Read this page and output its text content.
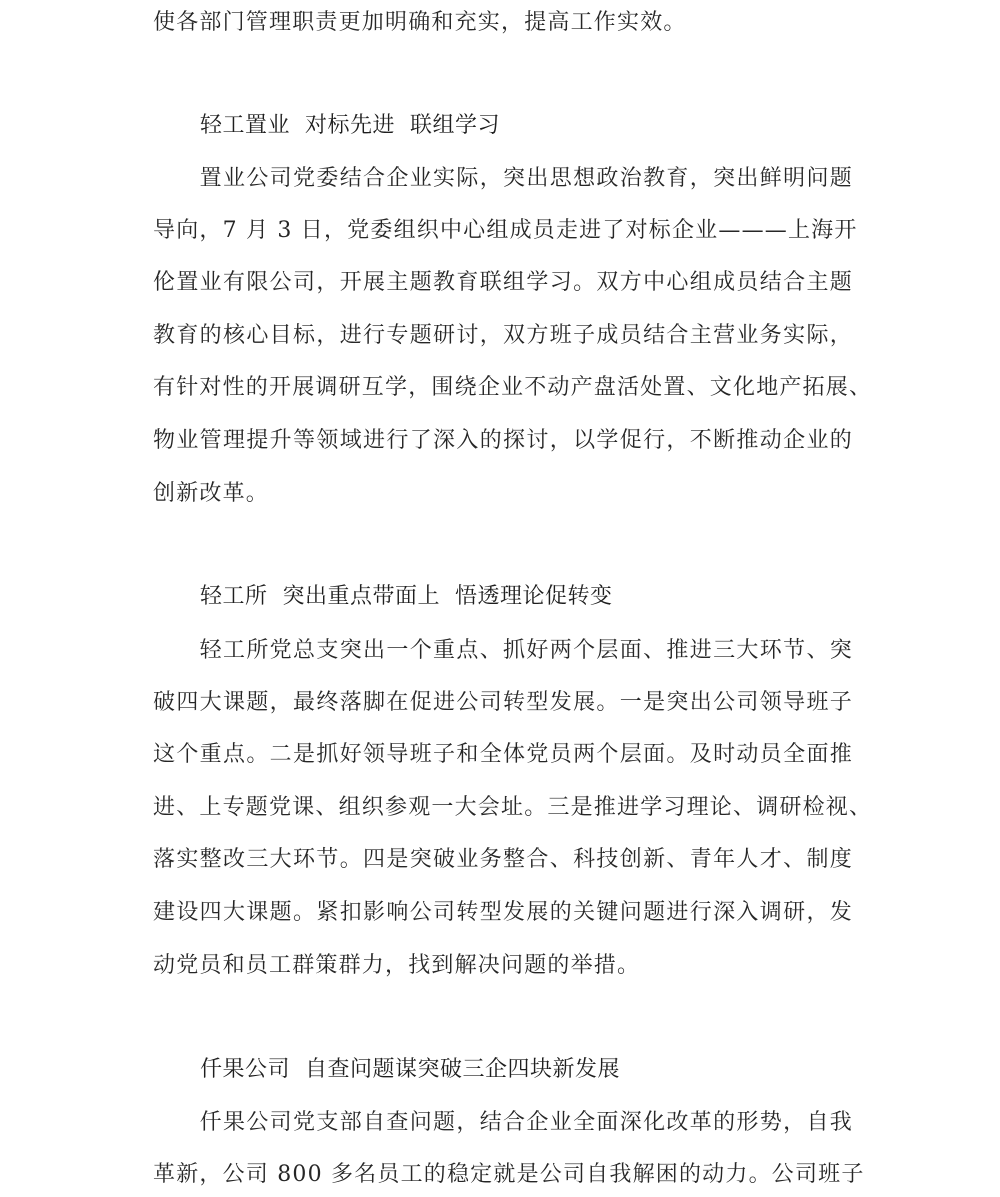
使各部门管理职责更加明确和充实，提高工作实效。
轻工置业  对标先进  联组学习
　　置业公司党委结合企业实际，突出思想政治教育，突出鲜明问题
导向，7 月 3 日，党委组织中心组成员走进了对标企业———上海开
伦置业有限公司，开展主题教育联组学习。双方中心组成员结合主题
教育的核心目标，进行专题研讨，双方班子成员结合主营业务实际，
有针对性的开展调研互学，围绕企业不动产盘活处置、文化地产拓展、
物业管理提升等领域进行了深入的探讨，以学促行，不断推动企业的
创新改革。
轻工所  突出重点带面上  悟透理论促转变
　　轻工所党总支突出一个重点、抓好两个层面、推进三大环节、突
破四大课题，最终落脚在促进公司转型发展。一是突出公司领导班子
这个重点。二是抓好领导班子和全体党员两个层面。及时动员全面推
进、上专题党课、组织参观一大会址。三是推进学习理论、调研检视、
落实整改三大环节。四是突破业务整合、科技创新、青年人才、制度
建设四大课题。紧扣影响公司转型发展的关键问题进行深入调研，发
动党员和员工群策群力，找到解决问题的举措。
仟果公司  自查问题谋突破三企四块新发展
　　仟果公司党支部自查问题，结合企业全面深化改革的形势，自我
革新，公司 800 多名员工的稳定就是公司自我解困的动力。公司班子
